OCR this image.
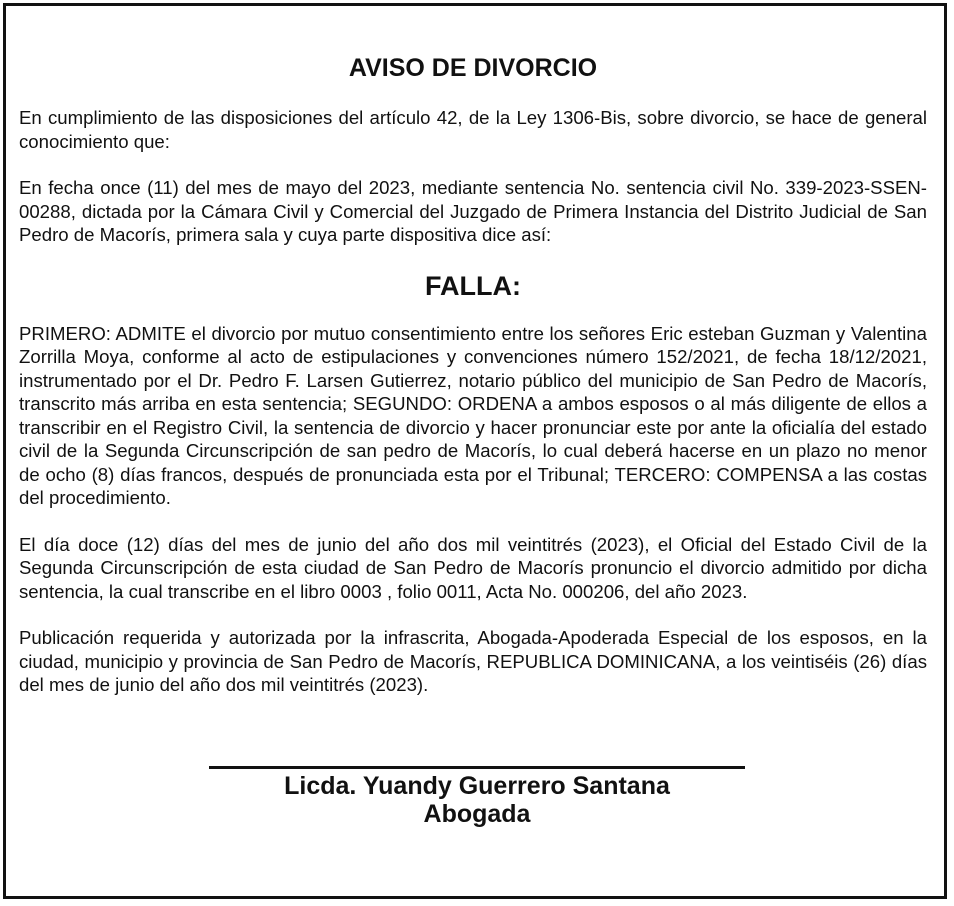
AVISO DE DIVORCIO

En cumplimiento de las disposiciones del artículo 42, de la Ley 1306-Bis, sobre divorcio, se hace de general conocimiento que:

En fecha once (11) del mes de mayo del 2023, mediante sentencia No. sentencia civil No. 339-2023-SSEN-00288, dictada por la Cámara Civil y Comercial del Juzgado de Primera Instancia del Distrito Judicial de San Pedro de Macorís, primera sala y cuya parte dispositiva dice así:

FALLA:

PRIMERO: ADMITE el divorcio por mutuo consentimiento entre los señores Eric esteban Guzman y Valentina Zorrilla Moya, conforme al acto de estipulaciones y convenciones número 152/2021, de fecha 18/12/2021, instrumentado por el Dr. Pedro F. Larsen Gutierrez, notario público del municipio de San Pedro de Macorís, transcrito más arriba en esta sentencia; SEGUNDO: ORDENA a ambos esposos o al más diligente de ellos a transcribir en el Registro Civil, la sentencia de divorcio y hacer pronunciar este por ante la oficialía del estado civil de la Segunda Circunscripción de san pedro de Macorís, lo cual deberá hacerse en un plazo no menor de ocho (8) días francos, después de pronunciada esta por el Tribunal; TERCERO: COMPENSA a las costas del procedimiento.

El día doce (12) días del mes de junio del año dos mil veintitrés (2023), el Oficial del Estado Civil de la Segunda Circunscripción de esta ciudad de San Pedro de Macorís pronuncio el divorcio admitido por dicha sentencia, la cual transcribe en el libro 0003 , folio 0011, Acta No. 000206, del año 2023.

Publicación requerida y autorizada por la infrascrita, Abogada-Apoderada Especial de los esposos, en la ciudad, municipio y provincia de San Pedro de Macorís, REPUBLICA DOMINICANA, a los veintiséis (26) días del mes de junio del año dos mil veintitrés (2023).

Licda. Yuandy Guerrero Santana
Abogada
